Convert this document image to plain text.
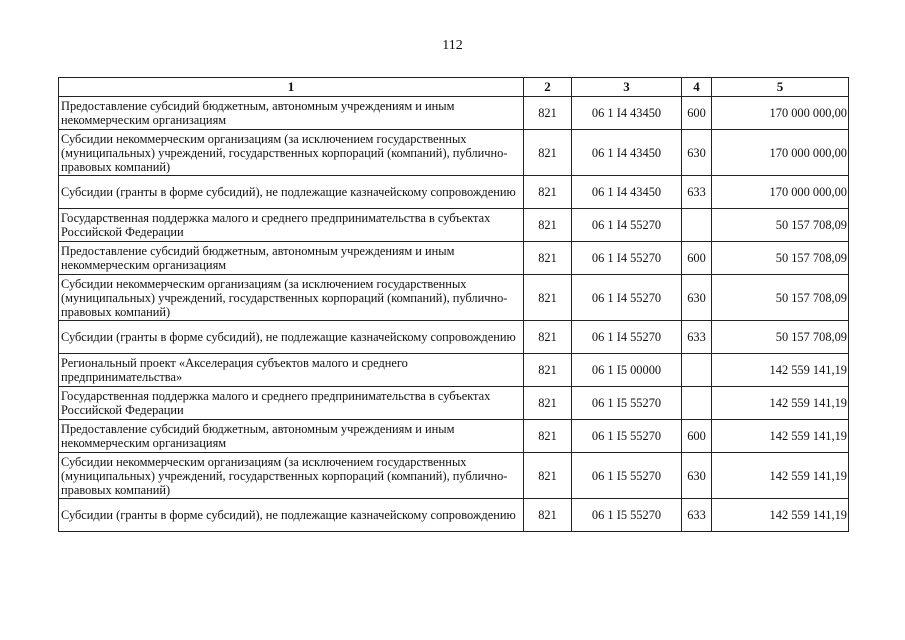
112
1	2	3	4	5
Предоставление субсидий бюджетным, автономным учреждениям и иным некоммерческим организациям	821	06 1 I4 43450	600	170 000 000,00
Субсидии некоммерческим организациям (за исключением государственных (муниципальных) учреждений, государственных корпораций (компаний), публично-правовых компаний)	821	06 1 I4 43450	630	170 000 000,00
Субсидии (гранты в форме субсидий), не подлежащие казначейскому сопровождению	821	06 1 I4 43450	633	170 000 000,00
Государственная поддержка малого и среднего предпринимательства в субъектах Российской Федерации	821	06 1 I4 55270		50 157 708,09
Предоставление субсидий бюджетным, автономным учреждениям и иным некоммерческим организациям	821	06 1 I4 55270	600	50 157 708,09
Субсидии некоммерческим организациям (за исключением государственных (муниципальных) учреждений, государственных корпораций (компаний), публично-правовых компаний)	821	06 1 I4 55270	630	50 157 708,09
Субсидии (гранты в форме субсидий), не подлежащие казначейскому сопровождению	821	06 1 I4 55270	633	50 157 708,09
Региональный проект «Акселерация субъектов малого и среднего предпринимательства»	821	06 1 I5 00000		142 559 141,19
Государственная поддержка малого и среднего предпринимательства в субъектах Российской Федерации	821	06 1 I5 55270		142 559 141,19
Предоставление субсидий бюджетным, автономным учреждениям и иным некоммерческим организациям	821	06 1 I5 55270	600	142 559 141,19
Субсидии некоммерческим организациям (за исключением государственных (муниципальных) учреждений, государственных корпораций (компаний), публично-правовых компаний)	821	06 1 I5 55270	630	142 559 141,19
Субсидии (гранты в форме субсидий), не подлежащие казначейскому сопровождению	821	06 1 I5 55270	633	142 559 141,19
